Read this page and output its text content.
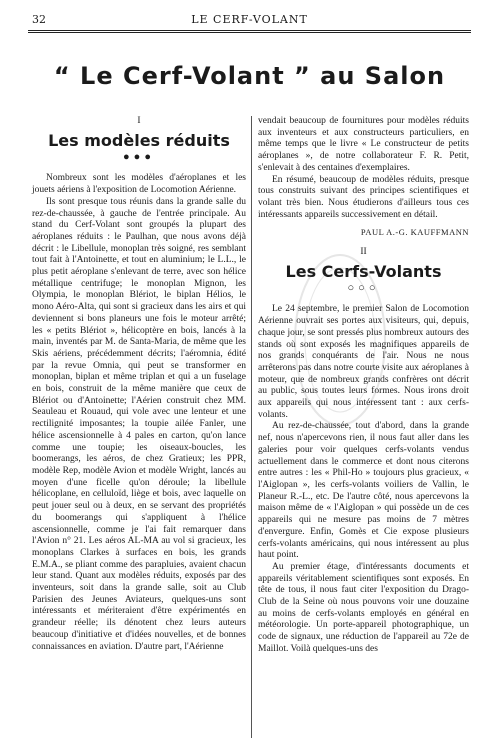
32	LE CERF-VOLANT
“ Le Cerf-Volant ” au Salon
I
Les modèles réduits
●●●

Nombreux sont les modèles d'aéroplanes et les jouets aériens à l'exposition de Locomotion Aérienne.

Ils sont presque tous réunis dans la grande salle du rez-de-chaussée, à gauche de l'entrée principale. Au stand du Cerf-Volant sont groupés la plupart des aéroplanes réduits : le Paulhan, que nous avons déjà décrit : le Libellule, monoplan très soigné, res semblant tout fait à l'Antoinette, et tout en aluminium; le L.L., le plus petit aéroplane s'enlevant de terre, avec son hélice métallique centrifuge; le monoplan Mignon, les Olympia, le monoplan Blériot, le biplan Hélios, le mono Aéro-Alta, qui sont si gracieux dans les airs et qui deviennent si bons planeurs une fois le moteur arrêté; les « petits Blériot », hélicoptère en bois, lancés à la main, inventés par M. de Santa-Maria, de même que les Skis aériens, précédemment décrits; l'aéromnia, édité par la revue Omnia, qui peut se transformer en monoplan, biplan et même triplan et qui a un fuselage en bois, construit de la même manière que ceux de Blériot ou d'Antoinette; l'Aérien construit chez MM. Seauleau et Rouaud, qui vole avec une lenteur et une rectilignité imposantes; la toupie ailée Fanler, une hélice ascensionnelle à 4 pales en carton, qu'on lance comme une toupie; les oiseaux-boucles, les boomerangs, les aéros, de chez Gratieux; les PPR, modèle Rep, modèle Avion et modèle Wright, lancés au moyen d'une ficelle qu'on déroule; la libellule hélicoplane, en celluloïd, liège et bois, avec laquelle on peut jouer seul ou à deux, en se servant des propriétés du boomerangs qui s'appliquent à l'hélice ascensionnelle, comme je l'ai fait remarquer dans l'Avion n° 21. Les aéros AL-MA au vol si gracieux, les monoplans Clarkes à surfaces en bois, les grands E.M.A., se pliant comme des parapluies, avaient chacun leur stand. Quant aux modèles réduits, exposés par des inventeurs, soit dans la grande salle, soit au Club Parisien des Jeunes Aviateurs, quelques-uns sont intéressants et mériteraient d'être expérimentés en grandeur réelle; ils dénotent chez leurs auteurs beaucoup d'initiative et d'idées nouvelles, et de bonnes connaissances en aviation. D'autre part, l'Aérienne

vendait beaucoup de fournitures pour modèles réduits aux inventeurs et aux constructeurs particuliers, en même temps que le livre « Le constructeur de petits aéroplanes », de notre collaborateur F. R. Petit, s'enlevait à des centaines d'exemplaires.

En résumé, beaucoup de modèles réduits, presque tous construits suivant des principes scientifiques et volant très bien. Nous étudierons d'ailleurs tous ces intéressants appareils successivement en détail.

PAUL A.-G. KAUFFMANN

II
Les Cerfs-Volants
○○○

Le 24 septembre, le premier Salon de Locomotion Aérienne ouvrait ses portes aux visiteurs, qui, depuis, chaque jour, se sont pressés plus nombreux autours des stands où sont exposés les magnifiques appareils de nos grands conquérants de l'air. Nous ne nous arrêterons pas dans notre courte visite aux aéroplanes à moteur, que de nombreux grands confrères ont décrit au public, sous toutes leurs formes. Nous irons droit aux appareils qui nous intéressent tant : aux cerfs-volants.

Au rez-de-chaussée, tout d'abord, dans la grande nef, nous n'apercevons rien, il nous faut aller dans les galeries pour voir quelques cerfs-volants vendus actuellement dans le commerce et dont nous citerons entre autres : les « Phil-Ho » toujours plus gracieux, « l'Aiglopan », les cerfs-volants voiliers de Vallin, le Planeur R.-L., etc. De l'autre côté, nous apercevons la maison même de « l'Aiglopan » qui possède un de ces appareils qui ne mesure pas moins de 7 mètres d'envergure. Enfin, Gomès et Cie expose plusieurs cerfs-volants américains, qui nous intéressent au plus haut point.

Au premier étage, d'intéressants documents et appareils véritablement scientifiques sont exposés. En tête de tous, il nous faut citer l'exposition du Drago-Club de la Seine où nous pouvons voir une douzaine au moins de cerfs-volants employés en général en météorologie. Un porte-appareil photographique, un code de signaux, une réduction de l'appareil au 72e de Maillot. Voilà quelques-uns des
